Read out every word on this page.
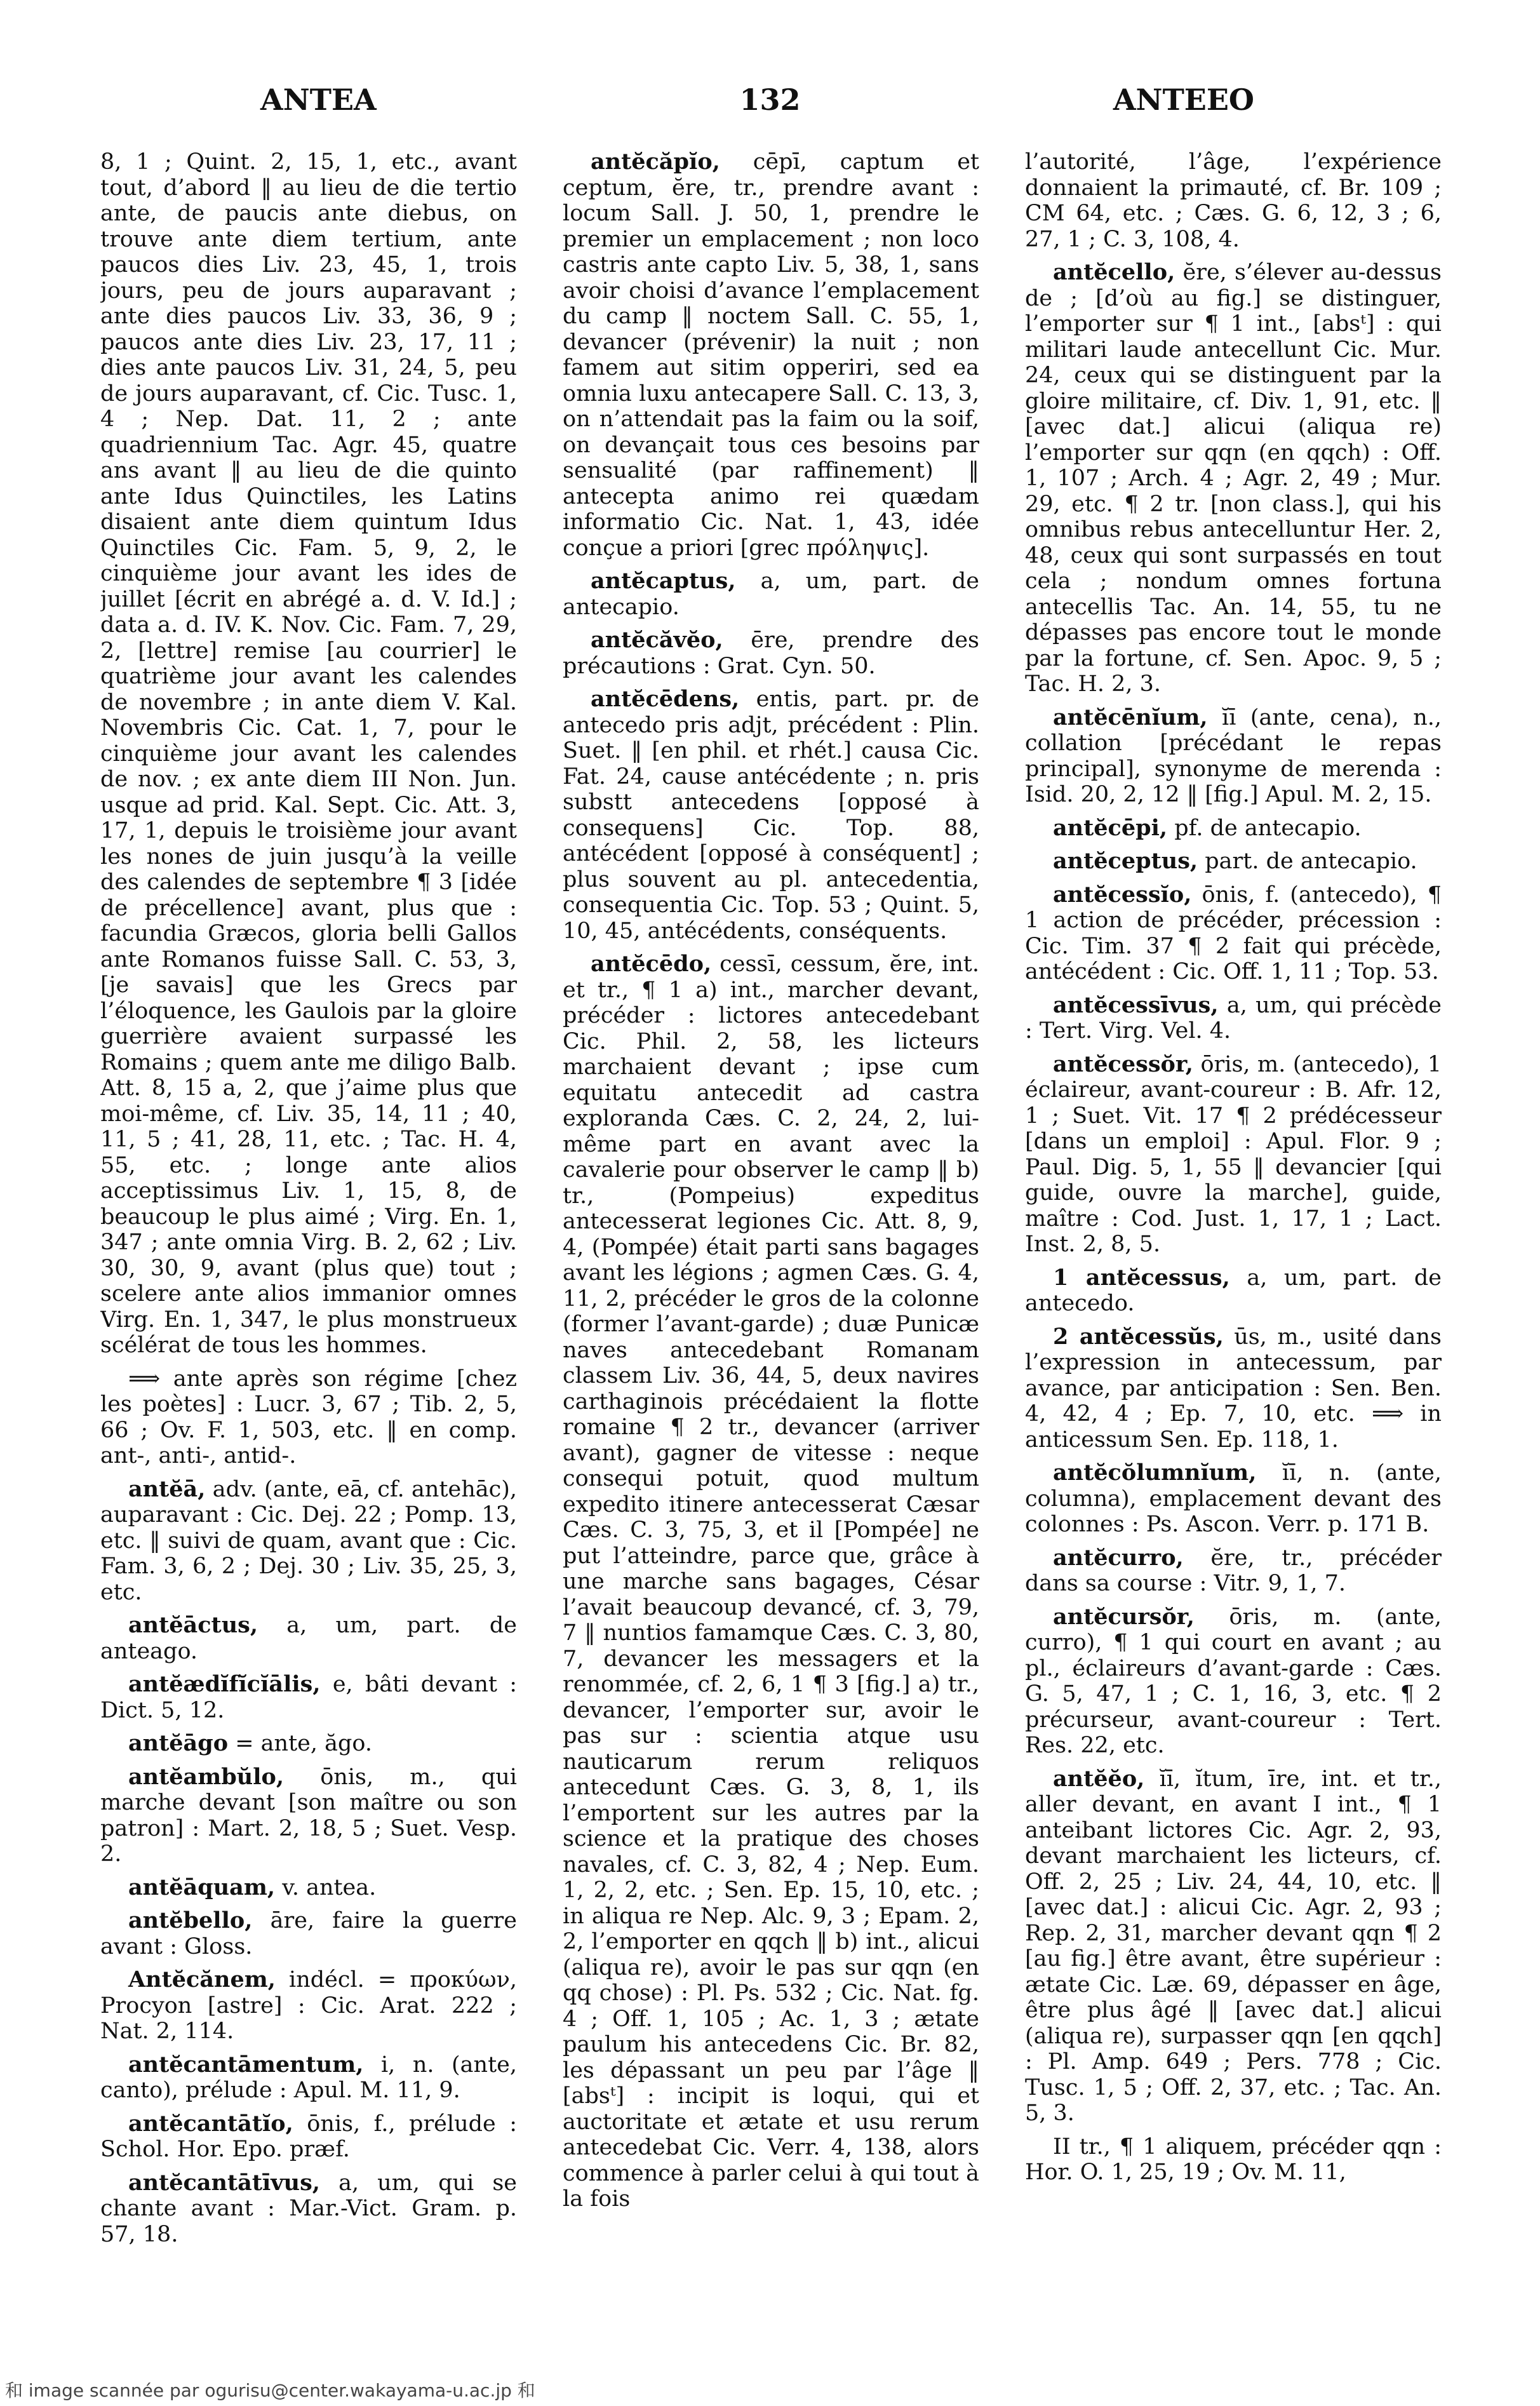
ANTEA	132	ANTEEO

8, 1 ; Quint. 2, 15, 1, etc., avant tout, d’abord ‖ au lieu de die tertio ante, de paucis ante diebus, on trouve ante diem tertium, ante paucos dies Liv. 23, 45, 1, trois jours, peu de jours auparavant ; ante dies paucos Liv. 33, 36, 9 ; paucos ante dies Liv. 23, 17, 11 ; dies ante paucos Liv. 31, 24, 5, peu de jours auparavant, cf. Cic. Tusc. 1, 4 ; Nep. Dat. 11, 2 ; ante quadriennium Tac. Agr. 45, quatre ans avant ‖ au lieu de die quinto ante Idus Quinctiles, les Latins disaient ante diem quintum Idus Quinctiles Cic. Fam. 5, 9, 2, le cinquième jour avant les ides de juillet [écrit en abrégé a. d. V. Id.] ; data a. d. IV. K. Nov. Cic. Fam. 7, 29, 2, [lettre] remise [au courrier] le quatrième jour avant les calendes de novembre ; in ante diem V. Kal. Novembris Cic. Cat. 1, 7, pour le cinquième jour avant les calendes de nov. ; ex ante diem III Non. Jun. usque ad prid. Kal. Sept. Cic. Att. 3, 17, 1, depuis le troisième jour avant les nones de juin jusqu’à la veille des calendes de septembre ¶ 3 [idée de précellence] avant, plus que : facundia Græcos, gloria belli Gallos ante Romanos fuisse Sall. C. 53, 3, [je savais] que les Grecs par l’éloquence, les Gaulois par la gloire guerrière avaient surpassé les Romains ; quem ante me diligo Balb. Att. 8, 15 a, 2, que j’aime plus que moi-même, cf. Liv. 35, 14, 11 ; 40, 11, 5 ; 41, 28, 11, etc. ; Tac. H. 4, 55, etc. ; longe ante alios acceptissimus Liv. 1, 15, 8, de beaucoup le plus aimé ; Virg. En. 1, 347 ; ante omnia Virg. B. 2, 62 ; Liv. 30, 30, 9, avant (plus que) tout ; scelere ante alios immanior omnes Virg. En. 1, 347, le plus monstrueux scélérat de tous les hommes.

⟹ ante après son régime [chez les poètes] : Lucr. 3, 67 ; Tib. 2, 5, 66 ; Ov. F. 1, 503, etc. ‖ en comp. ant-, anti-, antid-.

antĕā, adv. (ante, eā, cf. antehāc), auparavant : Cic. Dej. 22 ; Pomp. 13, etc. ‖ suivi de quam, avant que : Cic. Fam. 3, 6, 2 ; Dej. 30 ; Liv. 35, 25, 3, etc.

antĕāctus, a, um, part. de anteago.

antĕædĭfĭcĭālis, e, bâti devant : Dict. 5, 12.

antĕāgo = ante, ăgo.

antĕambŭlo, ōnis, m., qui marche devant [son maître ou son patron] : Mart. 2, 18, 5 ; Suet. Vesp. 2.

antĕāquam, v. antea.

antĕbello, āre, faire la guerre avant : Gloss.

Antĕcănem, indécl. = προκύων, Procyon [astre] : Cic. Arat. 222 ; Nat. 2, 114.

antĕcantāmentum, i, n. (ante, canto), prélude : Apul. M. 11, 9.

antĕcantātĭo, ōnis, f., prélude : Schol. Hor. Epo. præf.

antĕcantātīvus, a, um, qui se chante avant : Mar.-Vict. Gram. p. 57, 18.

antĕcăpĭo, cēpī, captum et ceptum, ĕre, tr., prendre avant : locum Sall. J. 50, 1, prendre le premier un emplacement ; non loco castris ante capto Liv. 5, 38, 1, sans avoir choisi d’avance l’emplacement du camp ‖ noctem Sall. C. 55, 1, devancer (prévenir) la nuit ; non famem aut sitim opperiri, sed ea omnia luxu antecapere Sall. C. 13, 3, on n’attendait pas la faim ou la soif, on devançait tous ces besoins par sensualité (par raffinement) ‖ antecepta animo rei quædam informatio Cic. Nat. 1, 43, idée conçue a priori [grec πρόληψις].

antĕcaptus, a, um, part. de antecapio.

antĕcăvĕo, ēre, prendre des précautions : Grat. Cyn. 50.

antĕcēdens, entis, part. pr. de antecedo pris adjt, précédent : Plin. Suet. ‖ [en phil. et rhét.] causa Cic. Fat. 24, cause antécédente ; n. pris substt antecedens [opposé à consequens] Cic. Top. 88, antécédent [opposé à conséquent] ; plus souvent au pl. antecedentia, consequentia Cic. Top. 53 ; Quint. 5, 10, 45, antécédents, conséquents.

antĕcēdo, cessī, cessum, ĕre, int. et tr., ¶ 1 a) int., marcher devant, précéder : lictores antecedebant Cic. Phil. 2, 58, les licteurs marchaient devant ; ipse cum equitatu antecedit ad castra exploranda Cæs. C. 2, 24, 2, lui-même part en avant avec la cavalerie pour observer le camp ‖ b) tr., (Pompeius) expeditus antecesserat legiones Cic. Att. 8, 9, 4, (Pompée) était parti sans bagages avant les légions ; agmen Cæs. G. 4, 11, 2, précéder le gros de la colonne (former l’avant-garde) ; duæ Punicæ naves antecedebant Romanam classem Liv. 36, 44, 5, deux navires carthaginois précédaient la flotte romaine ¶ 2 tr., devancer (arriver avant), gagner de vitesse : neque consequi potuit, quod multum expedito itinere antecesserat Cæsar Cæs. C. 3, 75, 3, et il [Pompée] ne put l’atteindre, parce que, grâce à une marche sans bagages, César l’avait beaucoup devancé, cf. 3, 79, 7 ‖ nuntios famamque Cæs. C. 3, 80, 7, devancer les messagers et la renommée, cf. 2, 6, 1 ¶ 3 [fig.] a) tr., devancer, l’emporter sur, avoir le pas sur : scientia atque usu nauticarum rerum reliquos antecedunt Cæs. G. 3, 8, 1, ils l’emportent sur les autres par la science et la pratique des choses navales, cf. C. 3, 82, 4 ; Nep. Eum. 1, 2, 2, etc. ; Sen. Ep. 15, 10, etc. ; in aliqua re Nep. Alc. 9, 3 ; Epam. 2, 2, l’emporter en qqch ‖ b) int., alicui (aliqua re), avoir le pas sur qqn (en qq chose) : Pl. Ps. 532 ; Cic. Nat. fg. 4 ; Off. 1, 105 ; Ac. 1, 3 ; ætate paulum his antecedens Cic. Br. 82, les dépassant un peu par l’âge ‖ [absᵗ] : incipit is loqui, qui et auctoritate et ætate et usu rerum antecedebat Cic. Verr. 4, 138, alors commence à parler celui à qui tout à la fois

l’autorité, l’âge, l’expérience donnaient la primauté, cf. Br. 109 ; CM 64, etc. ; Cæs. G. 6, 12, 3 ; 6, 27, 1 ; C. 3, 108, 4.

antĕcello, ĕre, s’élever au-dessus de ; [d’où au fig.] se distinguer, l’emporter sur ¶ 1 int., [absᵗ] : qui militari laude antecellunt Cic. Mur. 24, ceux qui se distinguent par la gloire militaire, cf. Div. 1, 91, etc. ‖ [avec dat.] alicui (aliqua re) l’emporter sur qqn (en qqch) : Off. 1, 107 ; Arch. 4 ; Agr. 2, 49 ; Mur. 29, etc. ¶ 2 tr. [non class.], qui his omnibus rebus antecelluntur Her. 2, 48, ceux qui sont surpassés en tout cela ; nondum omnes fortuna antecellis Tac. An. 14, 55, tu ne dépasses pas encore tout le monde par la fortune, cf. Sen. Apoc. 9, 5 ; Tac. H. 2, 3.

antĕcēnĭum, ĭī (ante, cena), n., collation [précédant le repas principal], synonyme de merenda : Isid. 20, 2, 12 ‖ [fig.] Apul. M. 2, 15.

antĕcēpi, pf. de antecapio.

antĕceptus, part. de antecapio.

antĕcessĭo, ōnis, f. (antecedo), ¶ 1 action de précéder, précession : Cic. Tim. 37 ¶ 2 fait qui précède, antécédent : Cic. Off. 1, 11 ; Top. 53.

antĕcessīvus, a, um, qui précède : Tert. Virg. Vel. 4.

antĕcessŏr, ōris, m. (antecedo), 1 éclaireur, avant-coureur : B. Afr. 12, 1 ; Suet. Vit. 17 ¶ 2 prédécesseur [dans un emploi] : Apul. Flor. 9 ; Paul. Dig. 5, 1, 55 ‖ devancier [qui guide, ouvre la marche], guide, maître : Cod. Just. 1, 17, 1 ; Lact. Inst. 2, 8, 5.

1 antĕcessus, a, um, part. de antecedo.

2 antĕcessŭs, ūs, m., usité dans l’expression in antecessum, par avance, par anticipation : Sen. Ben. 4, 42, 4 ; Ep. 7, 10, etc. ⟹ in anticessum Sen. Ep. 118, 1.

antĕcŏlumnĭum, ĭī, n. (ante, columna), emplacement devant des colonnes : Ps. Ascon. Verr. p. 171 B.

antĕcurro, ĕre, tr., précéder dans sa course : Vitr. 9, 1, 7.

antĕcursŏr, ōris, m. (ante, curro), ¶ 1 qui court en avant ; au pl., éclaireurs d’avant-garde : Cæs. G. 5, 47, 1 ; C. 1, 16, 3, etc. ¶ 2 précurseur, avant-coureur : Tert. Res. 22, etc.

antĕĕo, ĭī, ĭtum, īre, int. et tr., aller devant, en avant I int., ¶ 1 anteibant lictores Cic. Agr. 2, 93, devant marchaient les licteurs, cf. Off. 2, 25 ; Liv. 24, 44, 10, etc. ‖ [avec dat.] : alicui Cic. Agr. 2, 93 ; Rep. 2, 31, marcher devant qqn ¶ 2 [au fig.] être avant, être supérieur : ætate Cic. Læ. 69, dépasser en âge, être plus âgé ‖ [avec dat.] alicui (aliqua re), surpasser qqn [en qqch] : Pl. Amp. 649 ; Pers. 778 ; Cic. Tusc. 1, 5 ; Off. 2, 37, etc. ; Tac. An. 5, 3.

II tr., ¶ 1 aliquem, précéder qqn : Hor. O. 1, 25, 19 ; Ov. M. 11,

和 image scannée par ogurisu@center.wakayama-u.ac.jp 和
